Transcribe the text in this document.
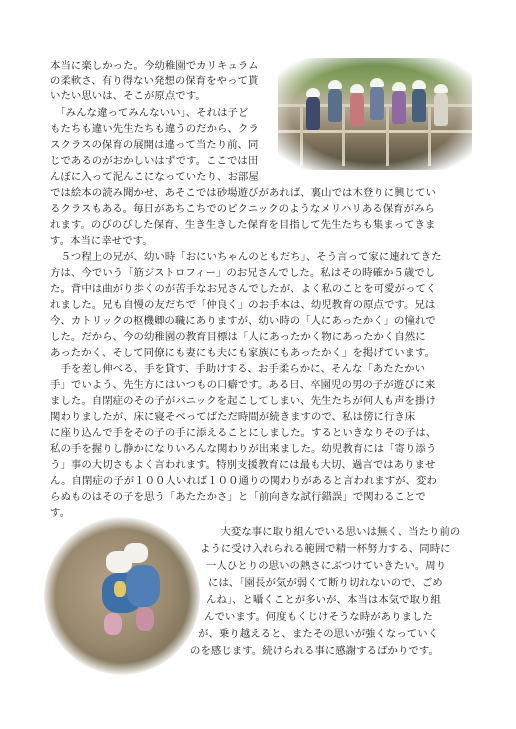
本当に楽しかった。今幼稚園でカリキュラム
の柔軟さ、有り得ない発想の保育をやって貰
いたい思いは、そこが原点です。
　「みんな違ってみんないい」、それは子ど
もたちも違い先生たちも違うのだから、クラ
スクラスの保育の展開は違って当たり前、同
じであるのがおかしいはずです。ここでは田
んぼに入って泥んこになっていたり、お部屋
では絵本の読み聞かせ、あそこでは砂場遊びがあれば、裏山では木登りに興じてい
るクラスもある。毎日があちこちでのピクニックのようなメリハリある保育がみら
れます。のびのびした保育、生き生きした保育を目指して先生たちも集まってきま
す。本当に幸せです。
　５つ程上の兄が、幼い時「おにいちゃんのともだち」、そう言って家に連れてきた
方は、今でいう「筋ジストロフィー」のお兄さんでした。私はその時確か５歳でし
た。背中は曲がり歩くのが苦手なお兄さんでしたが、よく私のことを可愛がってく
れました。兄も自慢の友だちで「仲良く」のお手本は、幼児教育の原点です。兄は
今、カトリックの枢機卿の職にありますが、幼い時の「人にあったかく」の憧れで
した。だから、今の幼稚園の教育目標は「人にあったかく物にあったかく自然に
あったかく、そして同僚にも妻にも夫にも家族にもあったかく」を掲げています。
　手を差し伸べる、手を貸す、手助けする、お手柔らかに、そんな「あたたかい
手」でいよう、先生方にはいつもの口癖です。ある日、卒園児の男の子が遊びに来
ました。自閉症のその子がパニックを起こしてしまい、先生たちが何人も声を掛け
関わりましたが、床に寝そべってばただ時間が続きますので、私は傍に行き床
に座り込んで手をその子の手に添えることにしました。するといきなりその子は、
私の手を握りし静かになりいろんな関わりが出来ました。幼児教育には「寄り添う
う」事の大切さもよく言われます。特別支援教育には最も大切、過言ではありませ
ん。自閉症の子が１００人いれば１００通りの関わりがあると言われますが、変わ
らぬものはその子を思う「あたたかさ」と「前向きな試行錯誤」で関わることで
す。
　大変な事に取り組んでいる思いは無く、当たり前の
ように受け入れられる範囲で精一杯努力する、同時に
一人ひとりの思いの熱さにぶつけていきたい。周り
には、「園長が気が弱くて断り切れないので、ごめ
んね」、と囁くことが多いが、本当は本気で取り組
んでいます。何度もくじけそうな時がありました
が、乗り越えると、またその思いが強くなっていく
のを感じます。続けられる事に感謝するばかりです。
